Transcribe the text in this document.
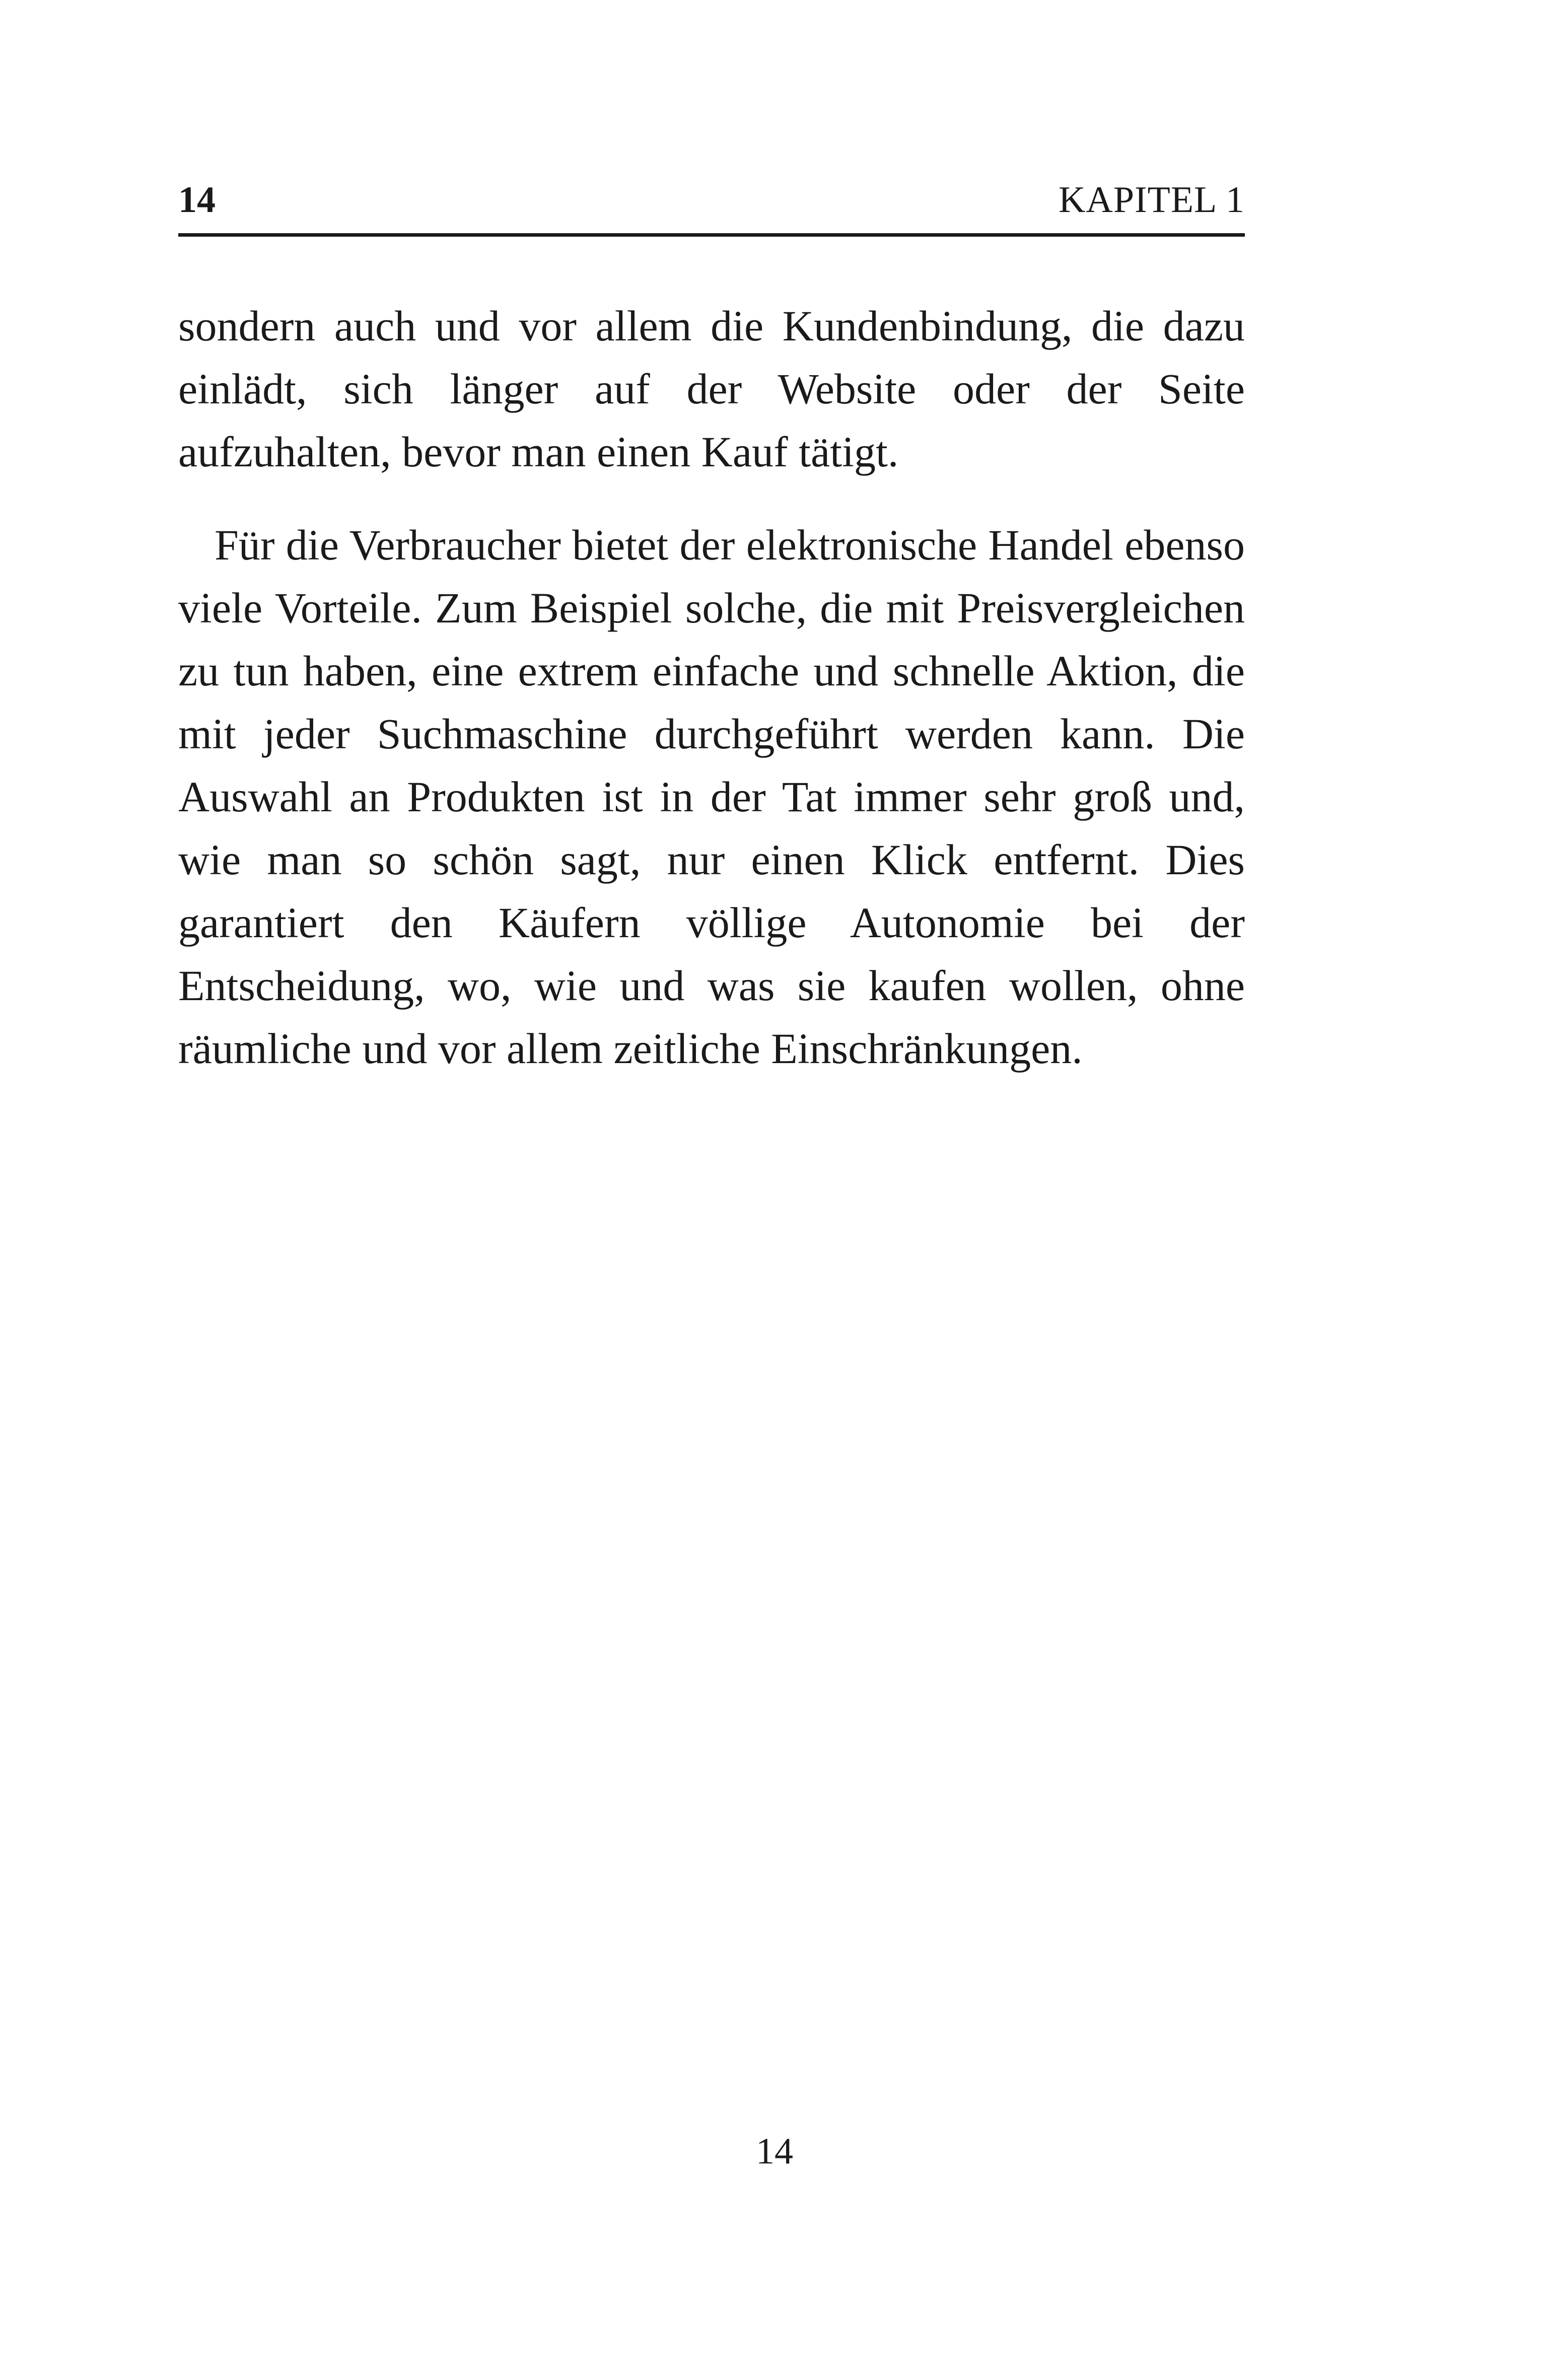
14	KAPITEL 1

sondern auch und vor allem die Kundenbindung, die dazu einlädt, sich länger auf der Website oder der Seite aufzuhalten, bevor man einen Kauf tätigt.

Für die Verbraucher bietet der elektronische Handel ebenso viele Vorteile. Zum Beispiel solche, die mit Preisvergleichen zu tun haben, eine extrem einfache und schnelle Aktion, die mit jeder Suchmaschine durchgeführt werden kann. Die Auswahl an Produkten ist in der Tat immer sehr groß und, wie man so schön sagt, nur einen Klick entfernt. Dies garantiert den Käufern völlige Autonomie bei der Entscheidung, wo, wie und was sie kaufen wollen, ohne räumliche und vor allem zeitliche Einschränkungen.

14
